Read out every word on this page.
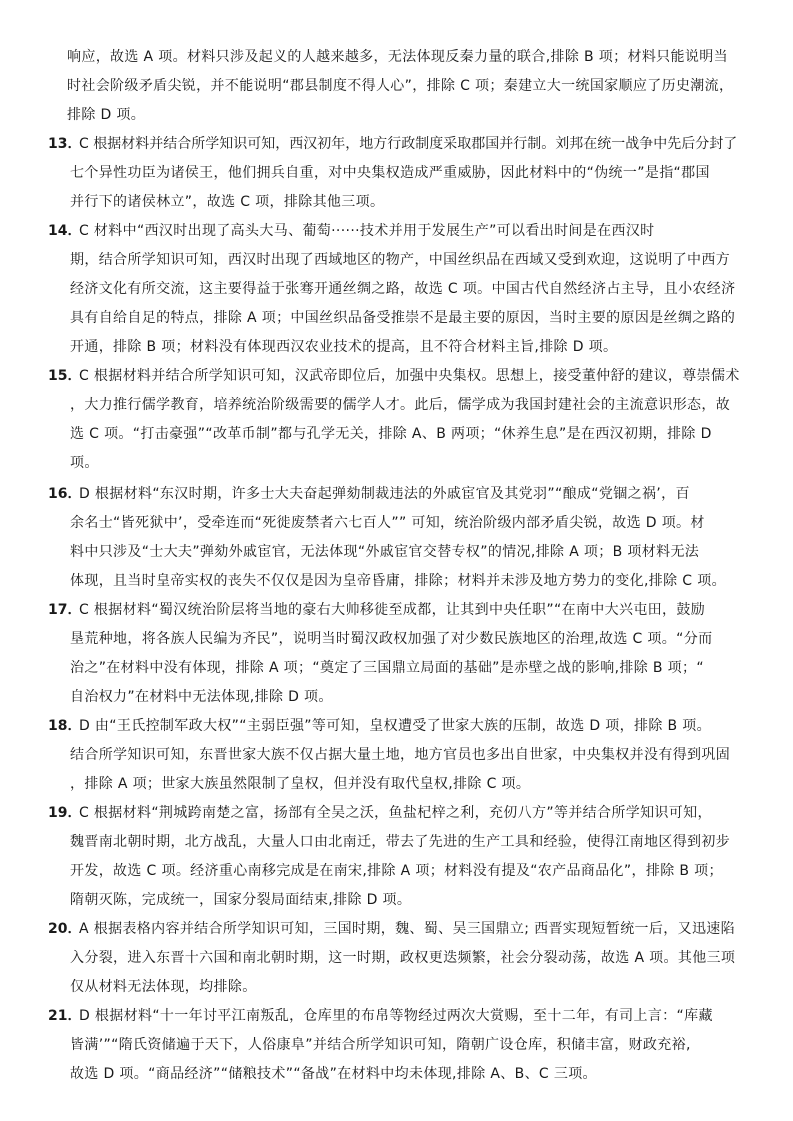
响应，故选 A 项。材料只涉及起义的人越来越多，无法体现反秦力量的联合,排除 B 项；材料只能说明当
时社会阶级矛盾尖锐，并不能说明“郡县制度不得人心”，排除 C 项；秦建立大一统国家顺应了历史潮流，
排除 D 项。
13．
C 根据材料并结合所学知识可知，西汉初年，地方行政制度采取郡国并行制。刘邦在统一战争中先后分封了
七个异性功臣为诸侯王，他们拥兵自重，对中央集权造成严重威胁，因此材料中的“伪统一”是指“郡国
并行下的诸侯林立”，故选 C 项，排除其他三项。
14．
C 材料中“西汉时出现了高头大马、葡萄······技术并用于发展生产”可以看出时间是在西汉时
期，结合所学知识可知，西汉时出现了西域地区的物产，中国丝织品在西域又受到欢迎，这说明了中西方
经济文化有所交流，这主要得益于张骞开通丝绸之路，故选 C 项。中国古代自然经济占主导，且小农经济
具有自给自足的特点，排除 A 项；中国丝织品备受推崇不是最主要的原因，当时主要的原因是丝绸之路的
开通，排除 B 项；材料没有体现西汉农业技术的提高，且不符合材料主旨,排除 D 项。
15．
C 根据材料并结合所学知识可知，汉武帝即位后，加强中央集权。思想上，接受董仲舒的建议，尊崇儒术
，大力推行儒学教育，培养统治阶级需要的儒学人才。此后，儒学成为我国封建社会的主流意识形态，故
选 C 项。“打击豪强”“改革币制”都与孔学无关，排除 A、B 两项；“休养生息”是在西汉初期，排除 D
项。
16．
D 根据材料“东汉时期，许多士大夫奋起弹劾制裁违法的外戚宦官及其党羽”“酿成“党锢之祸’，百
余名士“皆死狱中’，受牵连而“死徙废禁者六七百人”” 可知，统治阶级内部矛盾尖锐，故选 D 项。材
料中只涉及“士大夫”弹劾外戚宦官，无法体现“外戚宦官交替专权”的情况,排除 A 项；B 项材料无法
体现，且当时皇帝实权的丧失不仅仅是因为皇帝昏庸，排除；材料并未涉及地方势力的变化,排除 C 项。
17．
C 根据材料“蜀汉统治阶层将当地的豪右大帅移徙至成都，让其到中央任职”“在南中大兴屯田，鼓励
垦荒种地，将各族人民编为齐民”，说明当时蜀汉政权加强了对少数民族地区的治理,故选 C 项。“分而
治之”在材料中没有体现，排除 A 项；“奠定了三国鼎立局面的基础”是赤壁之战的影响,排除 B 项；“
自治权力”在材料中无法体现,排除 D 项。
18．
D 由“王氏控制军政大权”“主弱臣强”等可知，皇权遭受了世家大族的压制，故选 D 项，排除 B 项。
结合所学知识可知，东晋世家大族不仅占据大量土地，地方官员也多出自世家，中央集权并没有得到巩固
，排除 A 项；世家大族虽然限制了皇权，但并没有取代皇权,排除 C 项。
19．
C 根据材料“荆城跨南楚之富，扬部有全吴之沃，鱼盐杞梓之利，充仞八方”等并结合所学知识可知，
魏晋南北朝时期，北方战乱，大量人口由北南迁，带去了先进的生产工具和经验，使得江南地区得到初步
开发，故选 C 项。经济重心南移完成是在南宋,排除 A 项；材料没有提及“农产品商品化”，排除 B 项；
隋朝灭陈，完成统一，国家分裂局面结束,排除 D 项。
20．
A 根据表格内容并结合所学知识可知，三国时期，魏、蜀、吴三国鼎立; 西晋实现短暂统一后，又迅速陷
入分裂，进入东晋十六国和南北朝时期，这一时期，政权更迭频繁，社会分裂动荡，故选 A 项。其他三项
仅从材料无法体现，均排除。
21．
D 根据材料“十一年讨平江南叛乱，仓库里的布帛等物经过两次大赏赐，至十二年，有司上言：“库藏
皆满’”“隋氏资储遍于天下，人俗康阜”并结合所学知识可知，隋朝广设仓库，积储丰富，财政充裕,
故选 D 项。“商品经济”“储粮技术”“备战”在材料中均未体现,排除 A、B、C 三项。
